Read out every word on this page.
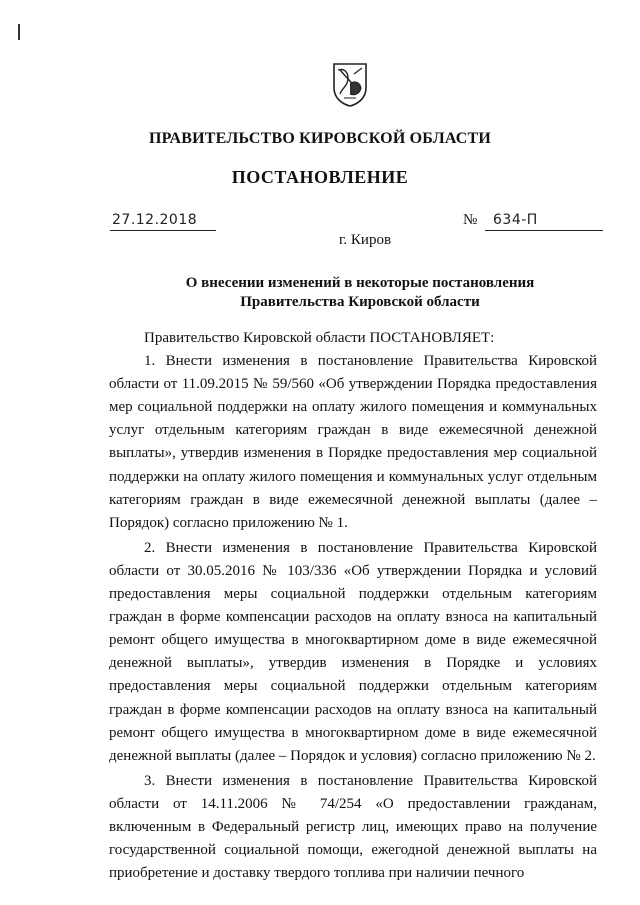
ПРАВИТЕЛЬСТВО КИРОВСКОЙ ОБЛАСТИ
ПОСТАНОВЛЕНИЕ
27.12.2018	№	634-П
г. Киров
О внесении изменений в некоторые постановления
Правительства Кировской области

Правительство Кировской области ПОСТАНОВЛЯЕТ:

1. Внести изменения в постановление Правительства Кировской области от 11.09.2015 № 59/560 «Об утверждении Порядка предоставления мер социальной поддержки на оплату жилого помещения и коммунальных услуг отдельным категориям граждан в виде ежемесячной денежной выплаты», утвердив изменения в Порядке предоставления мер социальной поддержки на оплату жилого помещения и коммунальных услуг отдельным категориям граждан в виде ежемесячной денежной выплаты (далее – Порядок) согласно приложению № 1.

2. Внести изменения в постановление Правительства Кировской области от 30.05.2016 № 103/336 «Об утверждении Порядка и условий предоставления меры социальной поддержки отдельным категориям граждан в форме компенсации расходов на оплату взноса на капитальный ремонт общего имущества в многоквартирном доме в виде ежемесячной денежной выплаты», утвердив изменения в Порядке и условиях предоставления меры социальной поддержки отдельным категориям граждан в форме компенсации расходов на оплату взноса на капитальный ремонт общего имущества в многоквартирном доме в виде ежемесячной денежной выплаты (далее – Порядок и условия) согласно приложению № 2.

3. Внести изменения в постановление Правительства Кировской области от 14.11.2006 № 74/254 «О предоставлении гражданам, включенным в Федеральный регистр лиц, имеющих право на получение государственной социальной помощи, ежегодной денежной выплаты на приобретение и доставку твердого топлива при наличии печного
